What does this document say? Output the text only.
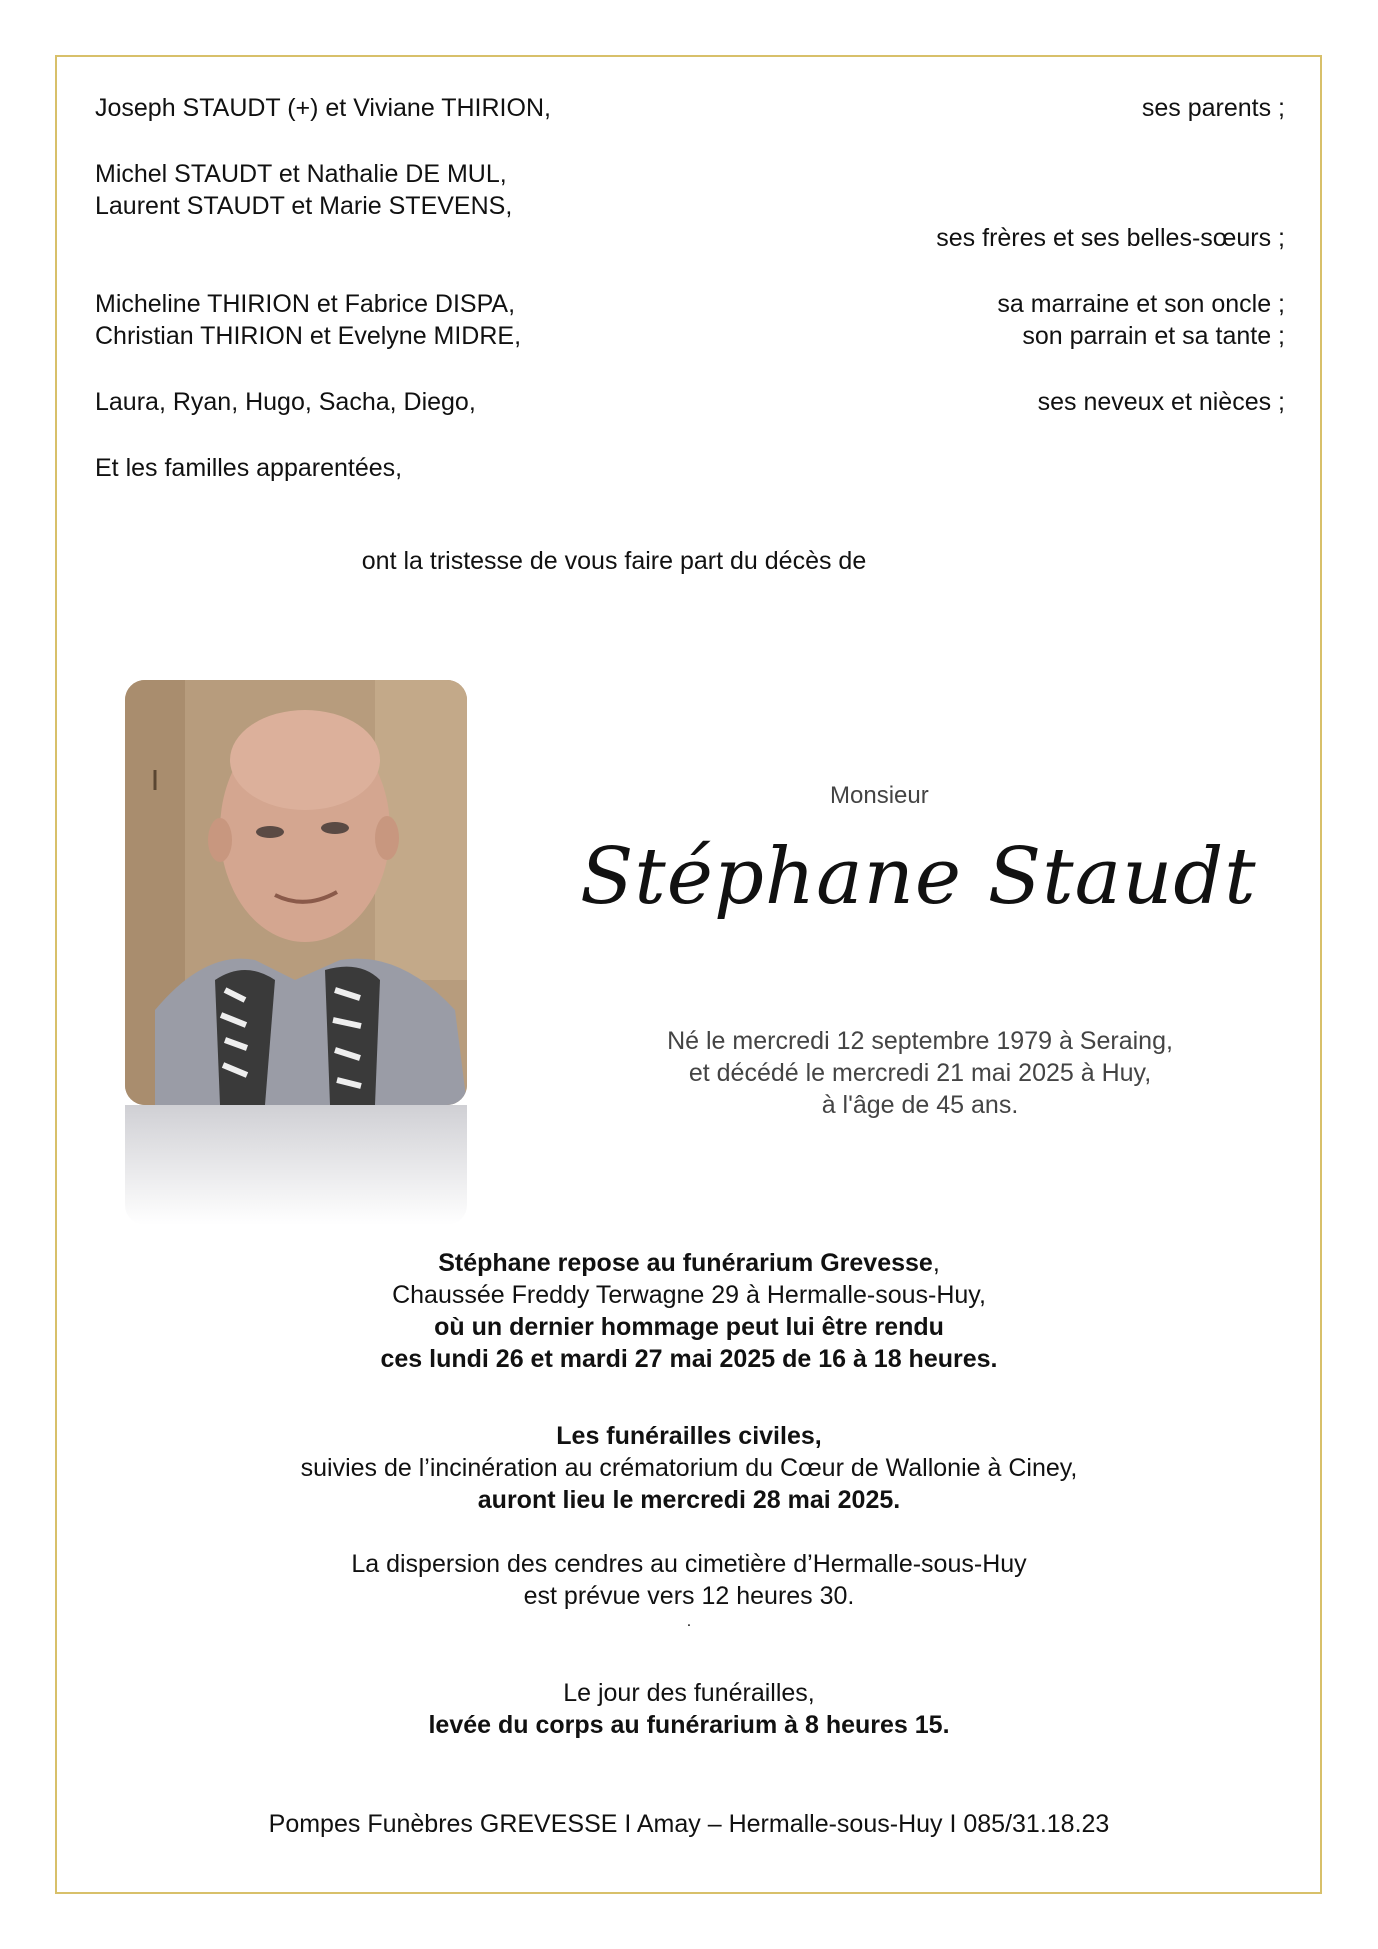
Joseph STAUDT (+) et Viviane THIRION,	ses parents ;
Michel STAUDT et Nathalie DE MUL,
Laurent STAUDT et Marie STEVENS,
ses frères et ses belles-sœurs ;
Micheline THIRION et Fabrice DISPA,	sa marraine et son oncle ;
Christian THIRION et Evelyne MIDRE,	son parrain et sa tante ;
Laura, Ryan, Hugo, Sacha, Diego,	ses neveux et nièces ;
Et les familles apparentées,
ont la tristesse de vous faire part du décès de
Monsieur
Stéphane Staudt
Né le mercredi 12 septembre 1979 à Seraing,
et décédé le mercredi 21 mai 2025 à Huy,
à l'âge de 45 ans.
Stéphane repose au funérarium Grevesse,
Chaussée Freddy Terwagne 29 à Hermalle-sous-Huy,
où un dernier hommage peut lui être rendu
ces lundi 26 et mardi 27 mai 2025 de 16 à 18 heures.
Les funérailles civiles,
suivies de l’incinération au crématorium du Cœur de Wallonie à Ciney,
auront lieu le mercredi 28 mai 2025.
La dispersion des cendres au cimetière d’Hermalle-sous-Huy
est prévue vers 12 heures 30.
.
Le jour des funérailles,
levée du corps au funérarium à 8 heures 15.
Pompes Funèbres GREVESSE I Amay – Hermalle-sous-Huy I 085/31.18.23
